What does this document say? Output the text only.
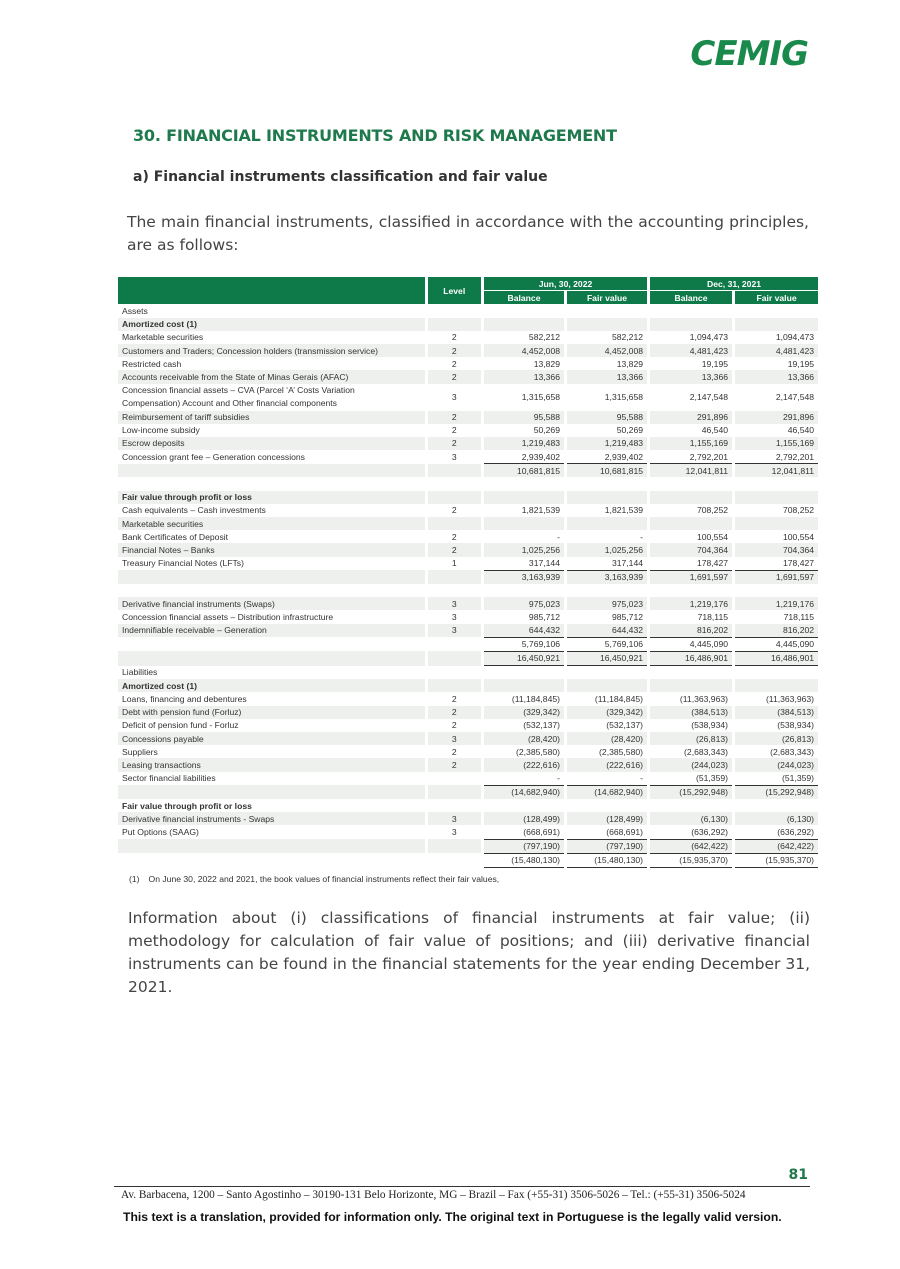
CEMIG
30. FINANCIAL INSTRUMENTS AND RISK MANAGEMENT
a) Financial instruments classification and fair value
The main financial instruments, classified in accordance with the accounting principles, are as follows:
	Level		Jun, 30, 2022				Dec, 31, 2021		
			Balance		Fair value		Balance		Fair value
Assets									
Amortized cost (1)									
Marketable securities	2		582,212		582,212		1,094,473		1,094,473
Customers and Traders; Concession holders (transmission service)	2		4,452,008		4,452,008		4,481,423		4,481,423
Restricted cash	2		13,829		13,829		19,195		19,195
Accounts receivable from the State of Minas Gerais (AFAC)	2		13,366		13,366		13,366		13,366
Concession financial assets – CVA (Parcel ‘A’ Costs Variation
Compensation) Account and Other financial components	3		1,315,658		1,315,658		2,147,548		2,147,548
Reimbursement of tariff subsidies	2		95,588		95,588		291,896		291,896
Low-income subsidy	2		50,269		50,269		46,540		46,540
Escrow deposits	2		1,219,483		1,219,483		1,155,169		1,155,169
Concession grant fee – Generation concessions	3		2,939,402		2,939,402		2,792,201		2,792,201
			10,681,815		10,681,815		12,041,811		12,041,811

Fair value through profit or loss									
Cash equivalents – Cash investments	2		1,821,539		1,821,539		708,252		708,252
Marketable securities									
Bank Certificates of Deposit	2		-		-		100,554		100,554
Financial Notes – Banks	2		1,025,256		1,025,256		704,364		704,364
Treasury Financial Notes (LFTs)	1		317,144		317,144		178,427		178,427
			3,163,939		3,163,939		1,691,597		1,691,597

Derivative financial instruments (Swaps)	3		975,023		975,023		1,219,176		1,219,176
Concession financial assets – Distribution infrastructure	3		985,712		985,712		718,115		718,115
Indemnifiable receivable – Generation	3		644,432		644,432		816,202		816,202
			5,769,106		5,769,106		4,445,090		4,445,090
			16,450,921		16,450,921		16,486,901		16,486,901
Liabilities									
Amortized cost (1)									
Loans, financing and debentures	2		(11,184,845)		(11,184,845)		(11,363,963)		(11,363,963)
Debt with pension fund (Forluz)	2		(329,342)		(329,342)		(384,513)		(384,513)
Deficit of pension fund - Forluz	2		(532,137)		(532,137)		(538,934)		(538,934)
Concessions payable	3		(28,420)		(28,420)		(26,813)		(26,813)
Suppliers	2		(2,385,580)		(2,385,580)		(2,683,343)		(2,683,343)
Leasing transactions	2		(222,616)		(222,616)		(244,023)		(244,023)
Sector financial liabilities			-		-		(51,359)		(51,359)
			(14,682,940)		(14,682,940)		(15,292,948)		(15,292,948)
Fair value through profit or loss									
Derivative financial instruments - Swaps	3		(128,499)		(128,499)		(6,130)		(6,130)
Put Options (SAAG)	3		(668,691)		(668,691)		(636,292)		(636,292)
			(797,190)		(797,190)		(642,422)		(642,422)
			(15,480,130)		(15,480,130)		(15,935,370)		(15,935,370)
(1) On June 30, 2022 and 2021, the book values of financial instruments reflect their fair values,
Information about (i) classifications of financial instruments at fair value; (ii) methodology for calculation of fair value of positions; and (iii) derivative financial instruments can be found in the financial statements for the year ending December 31, 2021.
81
Av. Barbacena, 1200 – Santo Agostinho – 30190-131 Belo Horizonte, MG – Brazil – Fax (+55-31) 3506-5026 – Tel.: (+55-31) 3506-5024
This text is a translation, provided for information only. The original text in Portuguese is the legally valid version.
